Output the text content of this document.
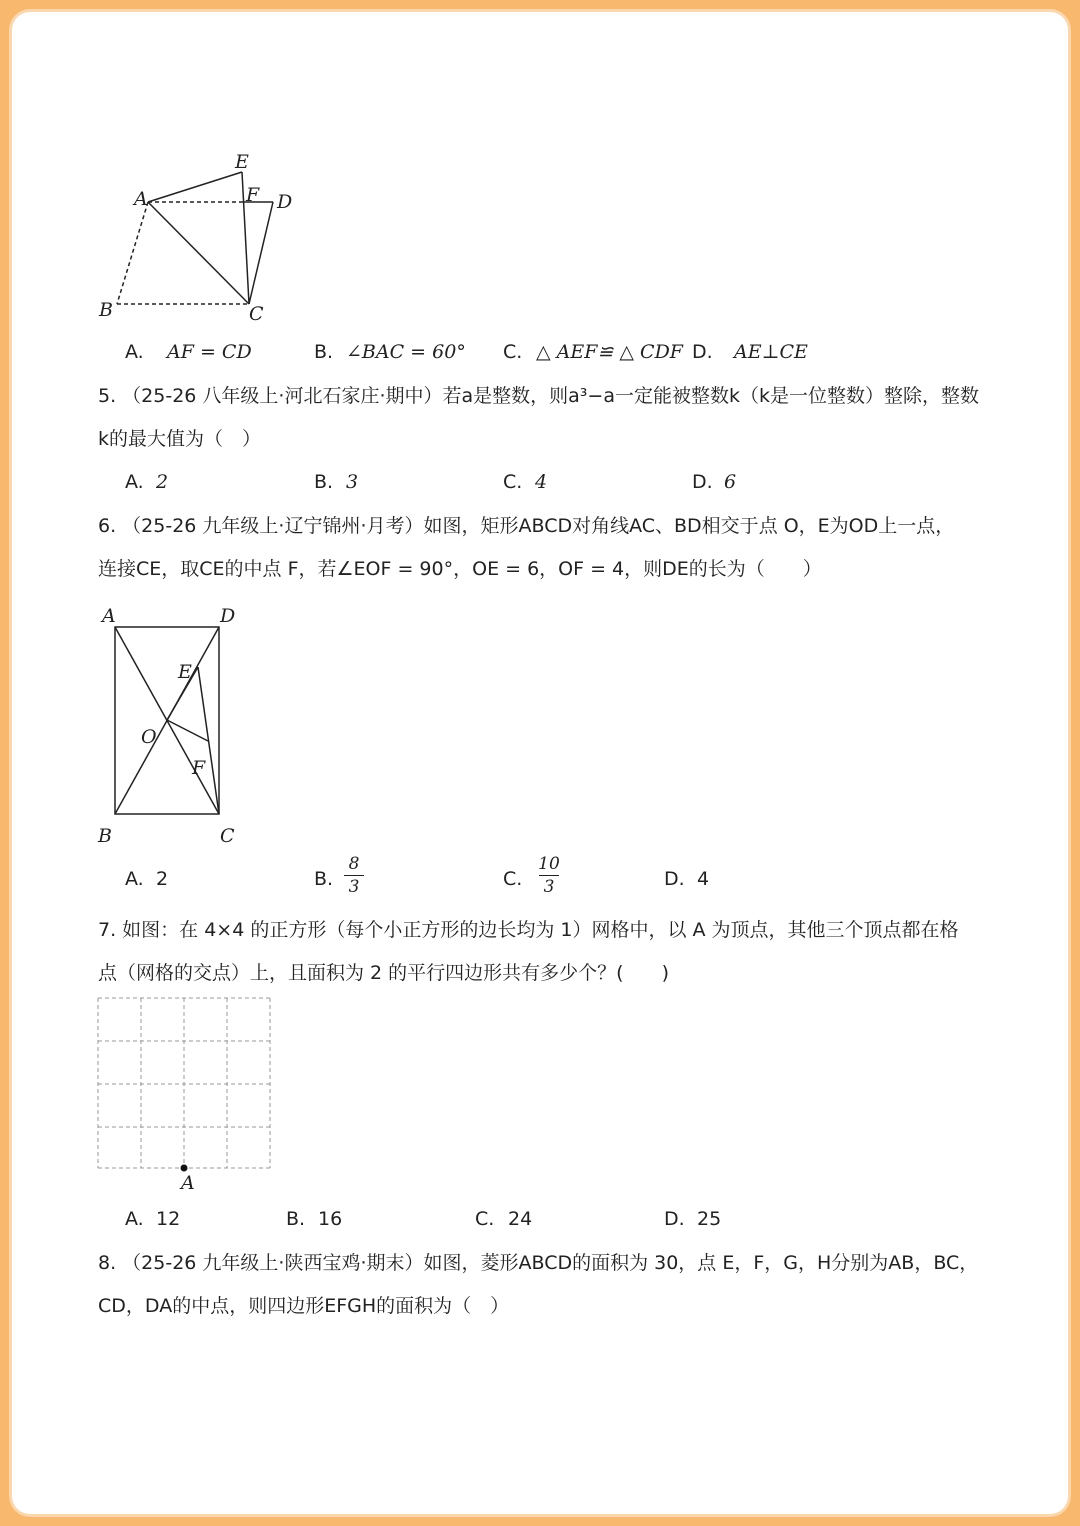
A
E
F D
B	C
A. AF = CD	B. ∠BAC = 60° C. △ AEF≌ △ CDF D. AE⊥CE
5. （25-26 八年级上·河北石家庄·期中）若a是整数，则a³−a一定能被整数k（k是一位整数）整除，整数
k的最大值为（　）
A. 2	B. 3	C. 4	D. 6
6. （25-26 九年级上·辽宁锦州·月考）如图，矩形ABCD对角线AC、BD相交于点 O，E为OD上一点，
连接CE，取CE的中点 F，若∠EOF = 90°，OE = 6，OF = 4，则DE的长为（　　）
A	D
E
O
F
B	C
A. 2	B.
8
3	C.
10
3	D. 4
7. 如图：在 4×4 的正方形（每个小正方形的边长均为 1）网格中，以 A 为顶点，其他三个顶点都在格
点（网格的交点）上，且面积为 2 的平行四边形共有多少个？(　　)
A
A. 12	B. 16	C. 24	D. 25
8. （25-26 九年级上·陕西宝鸡·期末）如图，菱形ABCD的面积为 30，点 E，F，G，H分别为AB，BC，
CD，DA的中点，则四边形EFGH的面积为（　）
